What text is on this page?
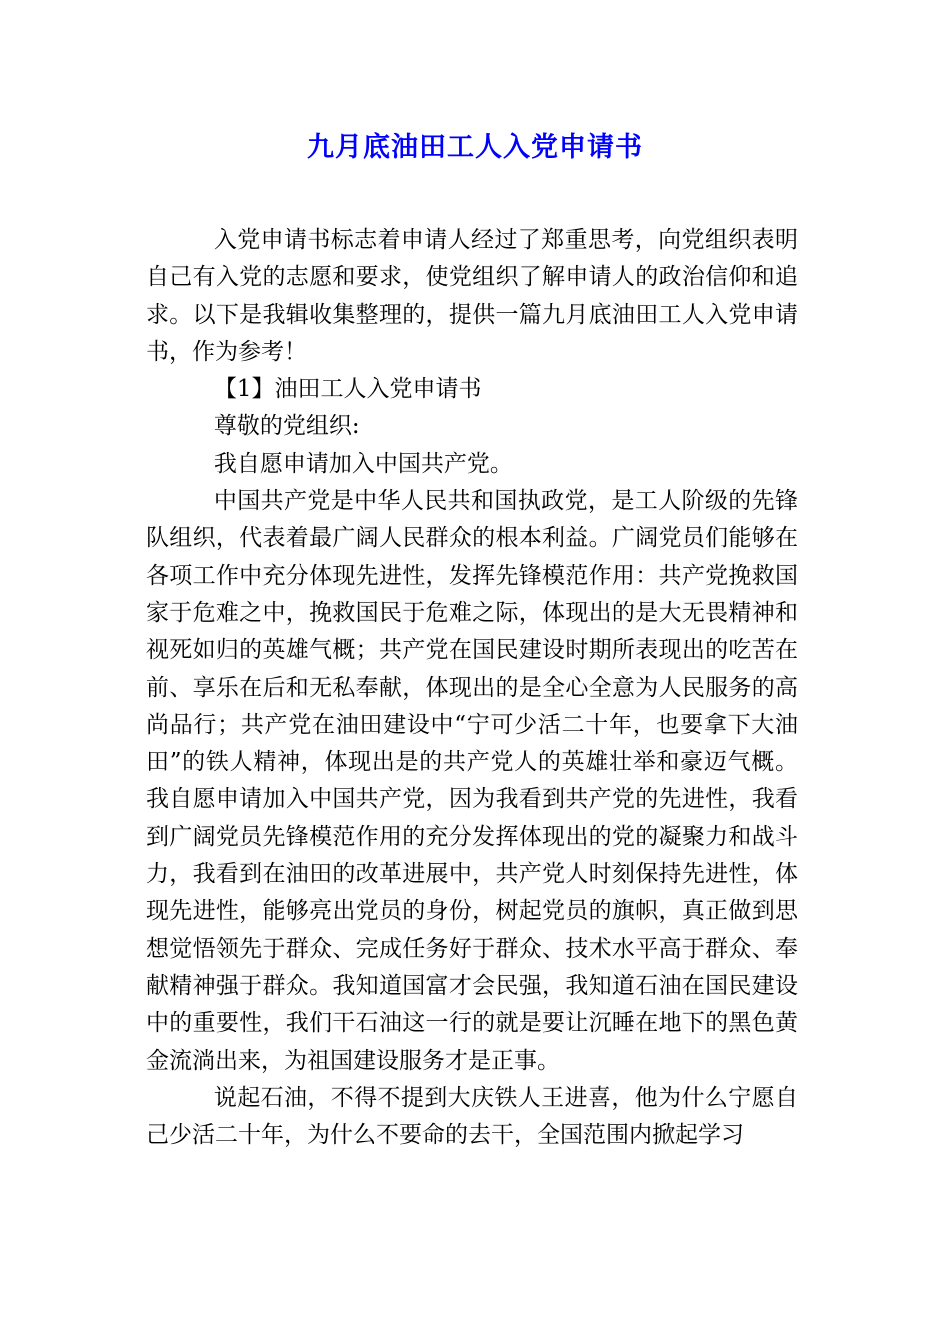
九月底油田工人入党申请书

入党申请书标志着申请人经过了郑重思考，向党组织表明自己有入党的志愿和要求，使党组织了解申请人的政治信仰和追求。以下是我辑收集整理的，提供一篇九月底油田工人入党申请书，作为参考！

【1】油田工人入党申请书

尊敬的党组织:

我自愿申请加入中国共产党。

中国共产党是中华人民共和国执政党，是工人阶级的先锋队组织，代表着最广阔人民群众的根本利益。广阔党员们能够在各项工作中充分体现先进性，发挥先锋模范作用：共产党挽救国家于危难之中，挽救国民于危难之际，体现出的是大无畏精神和视死如归的英雄气概；共产党在国民建设时期所表现出的吃苦在前、享乐在后和无私奉献，体现出的是全心全意为人民服务的高尚品行；共产党在油田建设中“宁可少活二十年，也要拿下大油田”的铁人精神，体现出是的共产党人的英雄壮举和豪迈气概。我自愿申请加入中国共产党，因为我看到共产党的先进性，我看到广阔党员先锋模范作用的充分发挥体现出的党的凝聚力和战斗力，我看到在油田的改革进展中，共产党人时刻保持先进性，体现先进性，能够亮出党员的身份，树起党员的旗帜，真正做到思想觉悟领先于群众、完成任务好于群众、技术水平高于群众、奉献精神强于群众。我知道国富才会民强，我知道石油在国民建设中的重要性，我们干石油这一行的就是要让沉睡在地下的黑色黄金流淌出来，为祖国建设服务才是正事。

说起石油，不得不提到大庆铁人王进喜，他为什么宁愿自己少活二十年，为什么不要命的去干，全国范围内掀起学习
